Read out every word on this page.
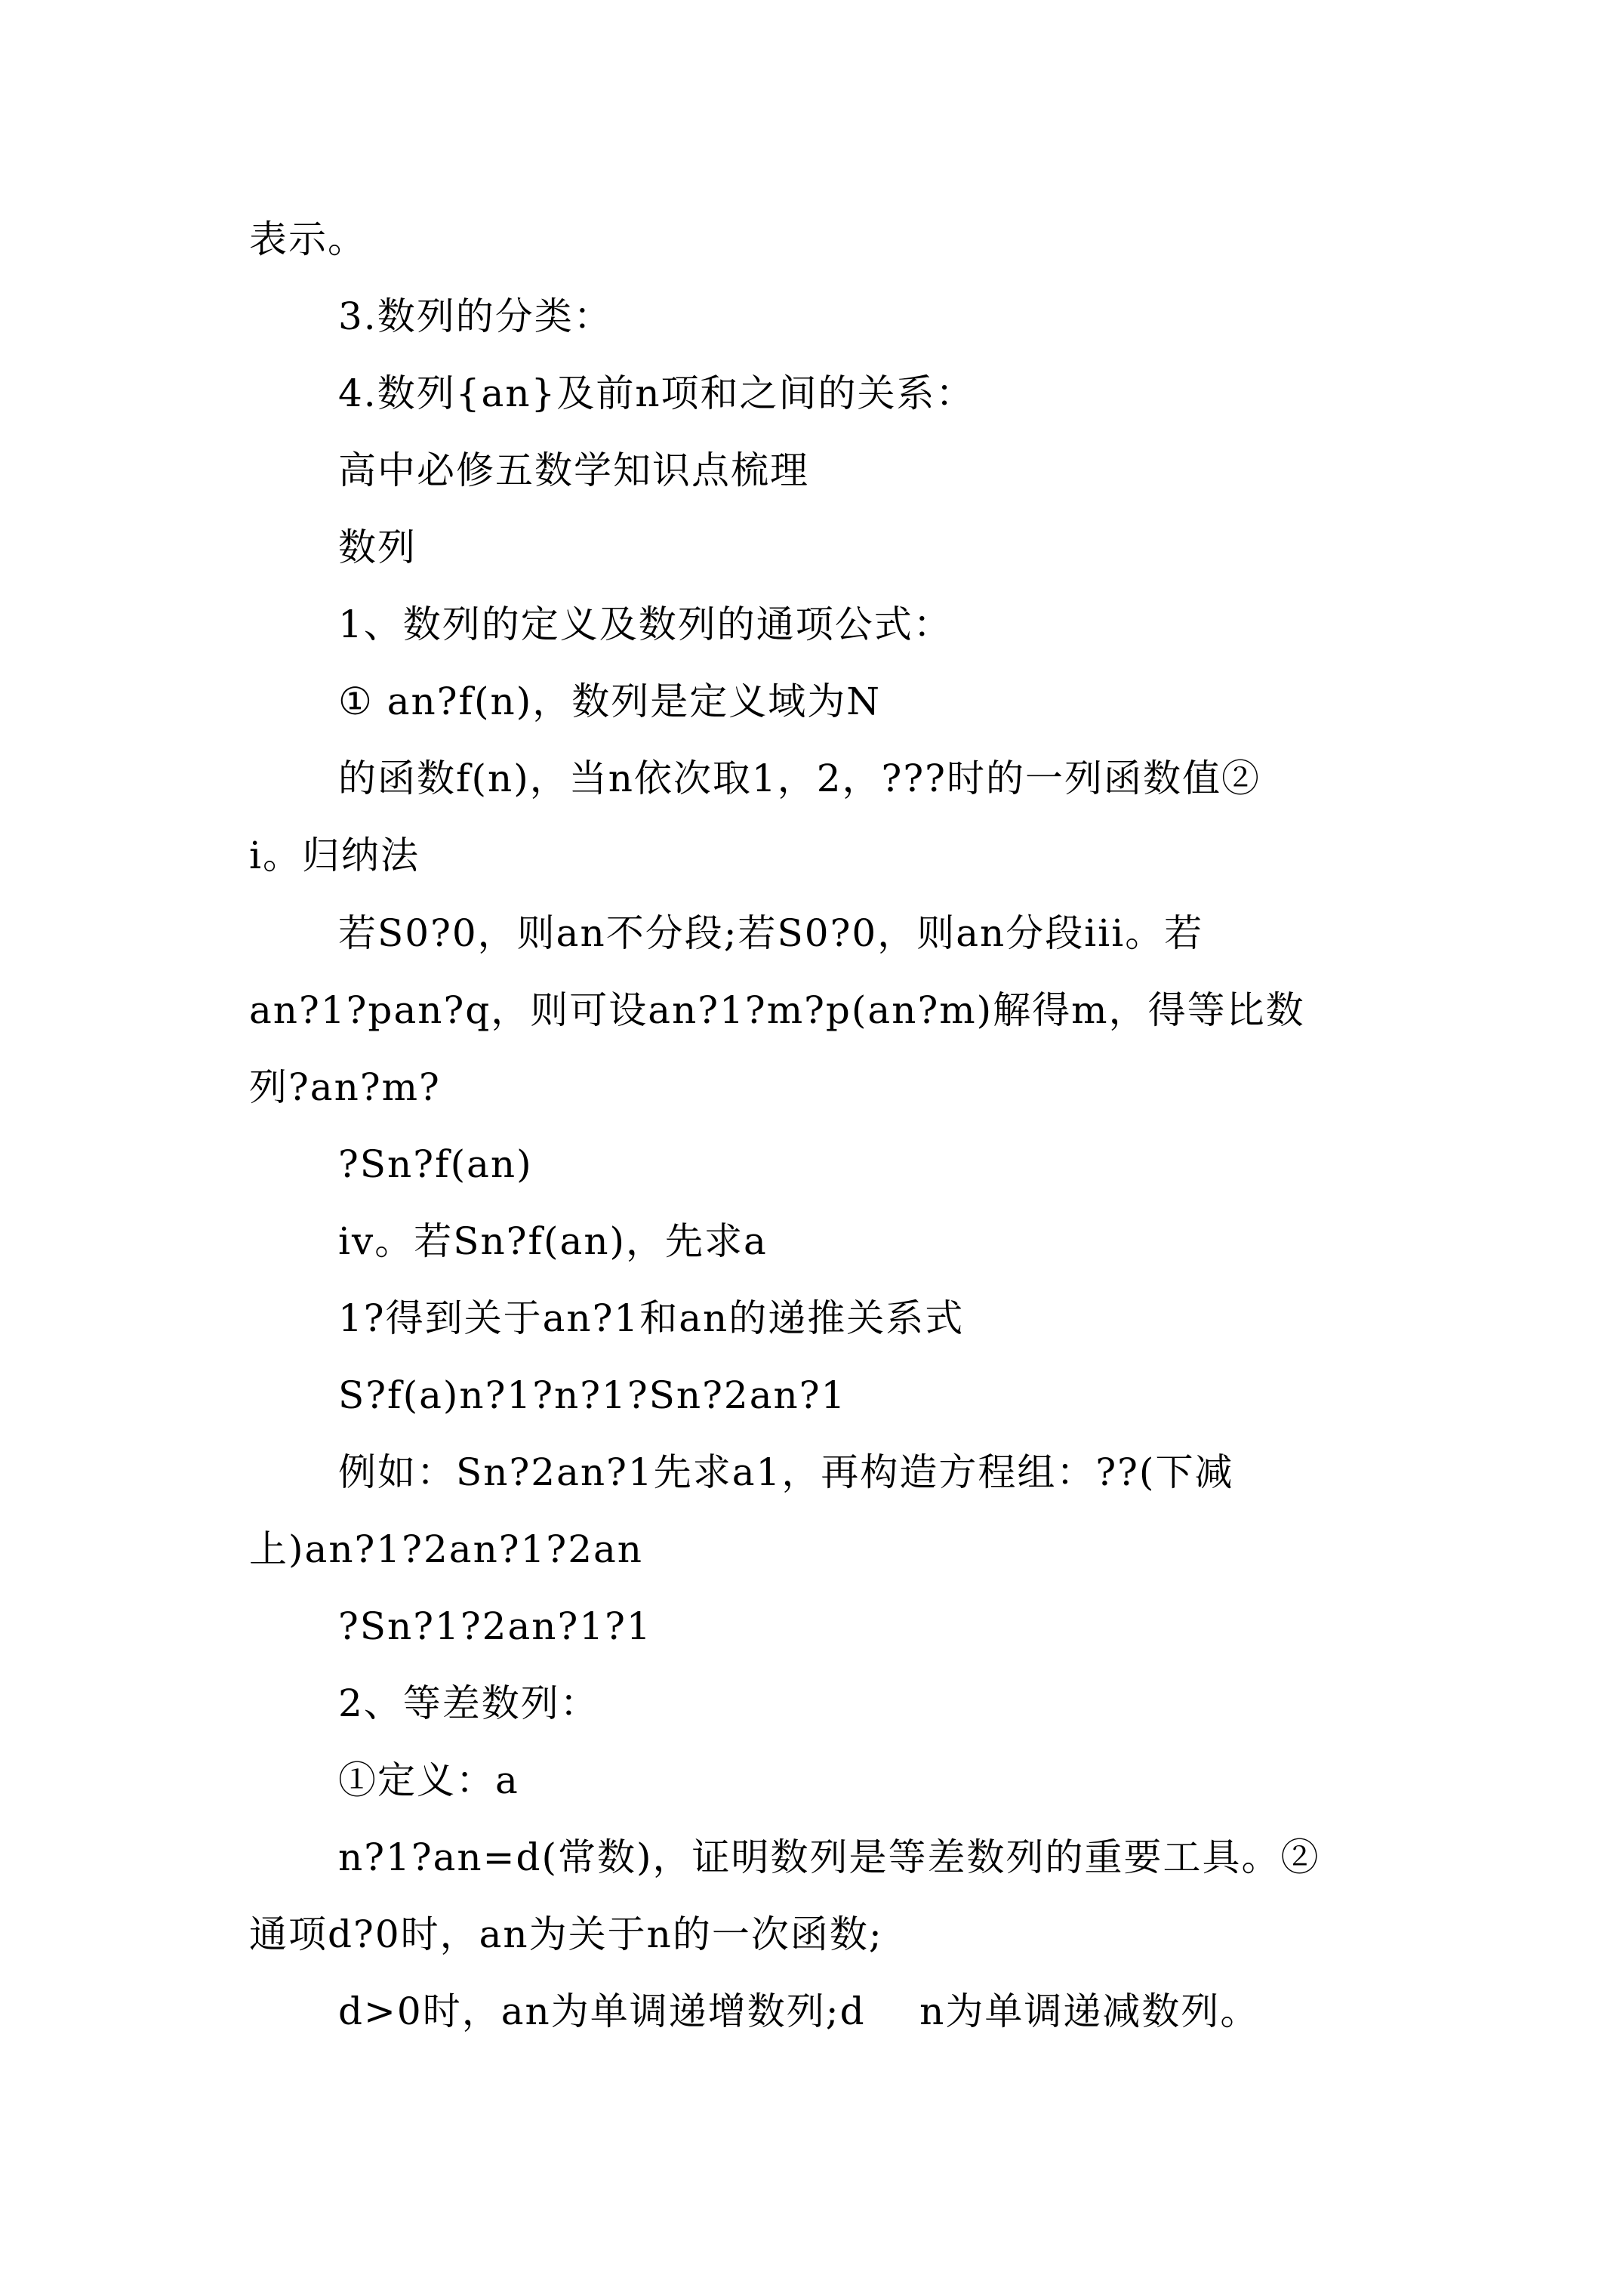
表示。
3.数列的分类：
4.数列{an}及前n项和之间的关系：
高中必修五数学知识点梳理
数列
1、数列的定义及数列的通项公式：
① an?f(n)，数列是定义域为N
的函数f(n)，当n依次取1，2，???时的一列函数值②
i。归纳法
若S0?0，则an不分段;若S0?0，则an分段iii。若
an?1?pan?q，则可设an?1?m?p(an?m)解得m，得等比数
列?an?m?
?Sn?f(an)
iv。若Sn?f(an)，先求a
1?得到关于an?1和an的递推关系式
S?f(a)n?1?n?1?Sn?2an?1
例如：Sn?2an?1先求a1，再构造方程组：??(下减
上)an?1?2an?1?2an
?Sn?1?2an?1?1
2、等差数列：
①定义：a
n?1?an=d(常数)，证明数列是等差数列的重要工具。②
通项d?0时，an为关于n的一次函数;
d>0时，an为单调递增数列;d    n为单调递减数列。
